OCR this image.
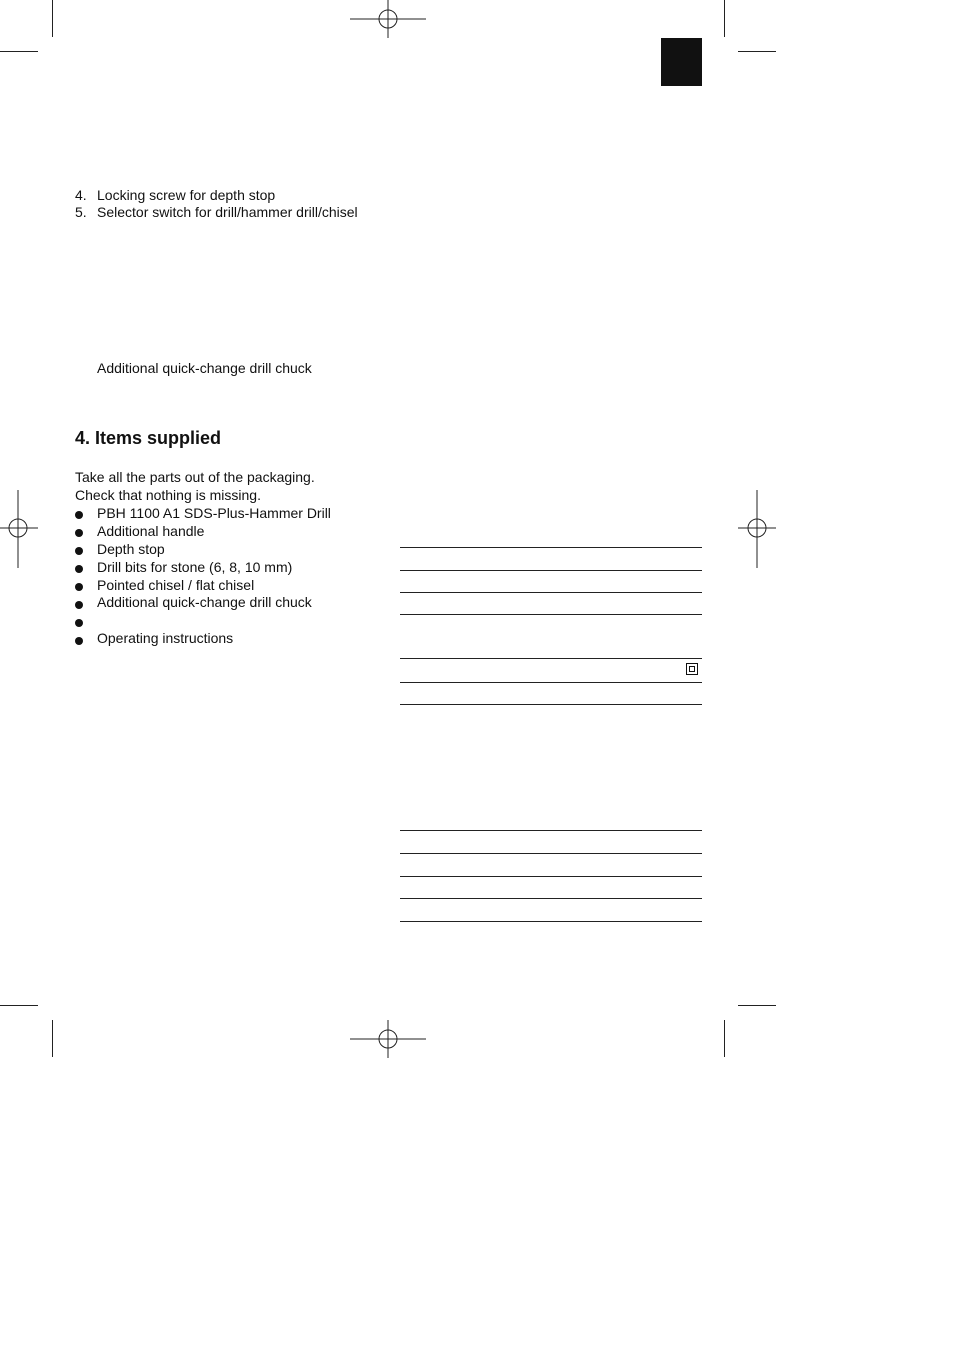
4. Locking screw for depth stop
5. Selector switch for drill/hammer drill/chisel
Additional quick-change drill chuck
4. Items supplied
Take all the parts out of the packaging.
Check that nothing is missing.
PBH 1100 A1 SDS-Plus-Hammer Drill
Additional handle
Depth stop
Drill bits for stone (6, 8, 10 mm)
Pointed chisel / flat chisel
Additional quick-change drill chuck
Operating instructions
